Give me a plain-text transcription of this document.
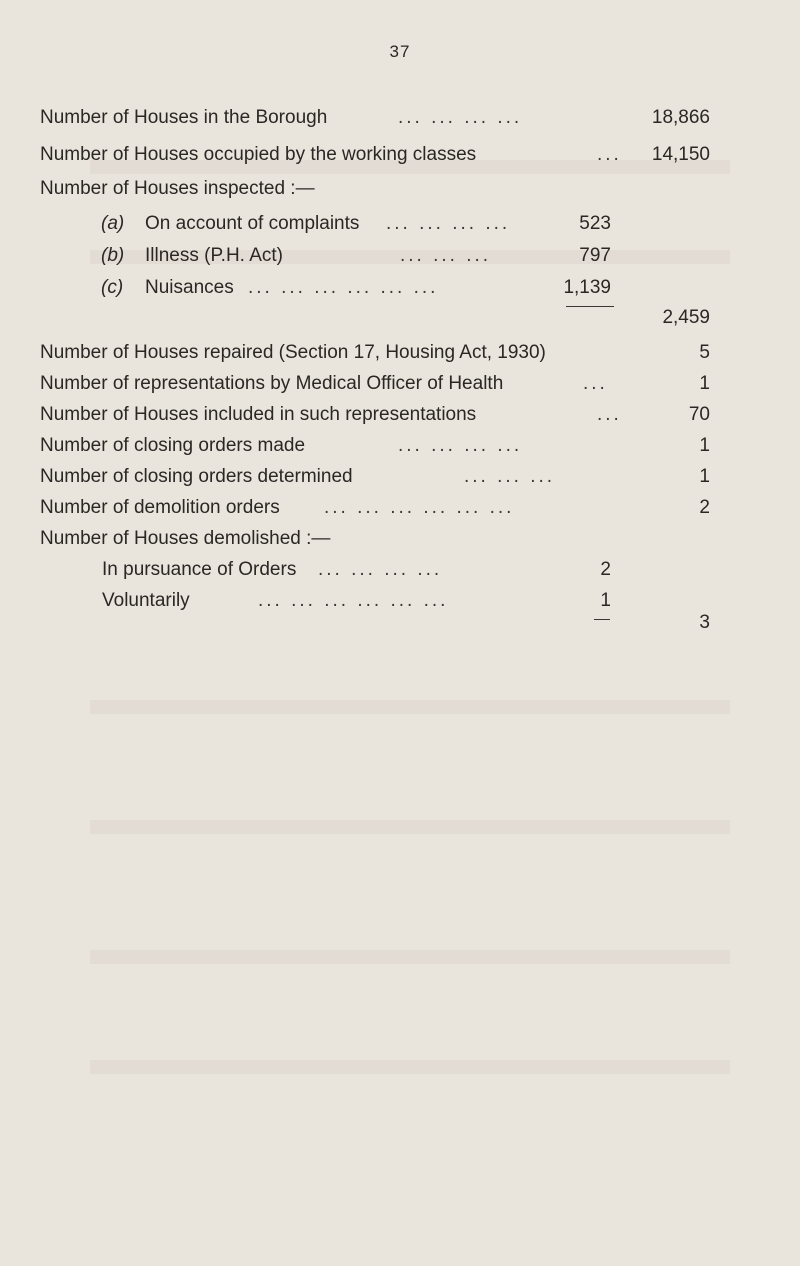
37
Number of Houses in the Borough	... ... ... ...	18,866
Number of Houses occupied by the working classes	... 14,150
Number of Houses inspected :—
(a) On account of complaints ... ... ... ...	523
(b) Illness (P.H. Act)	... ... ...	797
(c) Nuisances ... ... ... ... ... ...	1,139
2,459
Number of Houses repaired (Section 17, Housing Act, 1930)	5
Number of representations by Medical Officer of Health	...	1
Number of Houses included in such representations	...	70
Number of closing orders made	... ... ... ...	1
Number of closing orders determined	... ... ...	1
Number of demolition orders ... ... ... ... ... ...	2
Number of Houses demolished :—
In pursuance of Orders ... ... ... ...	2
Voluntarily	... ... ... ... ... ...	1
3
